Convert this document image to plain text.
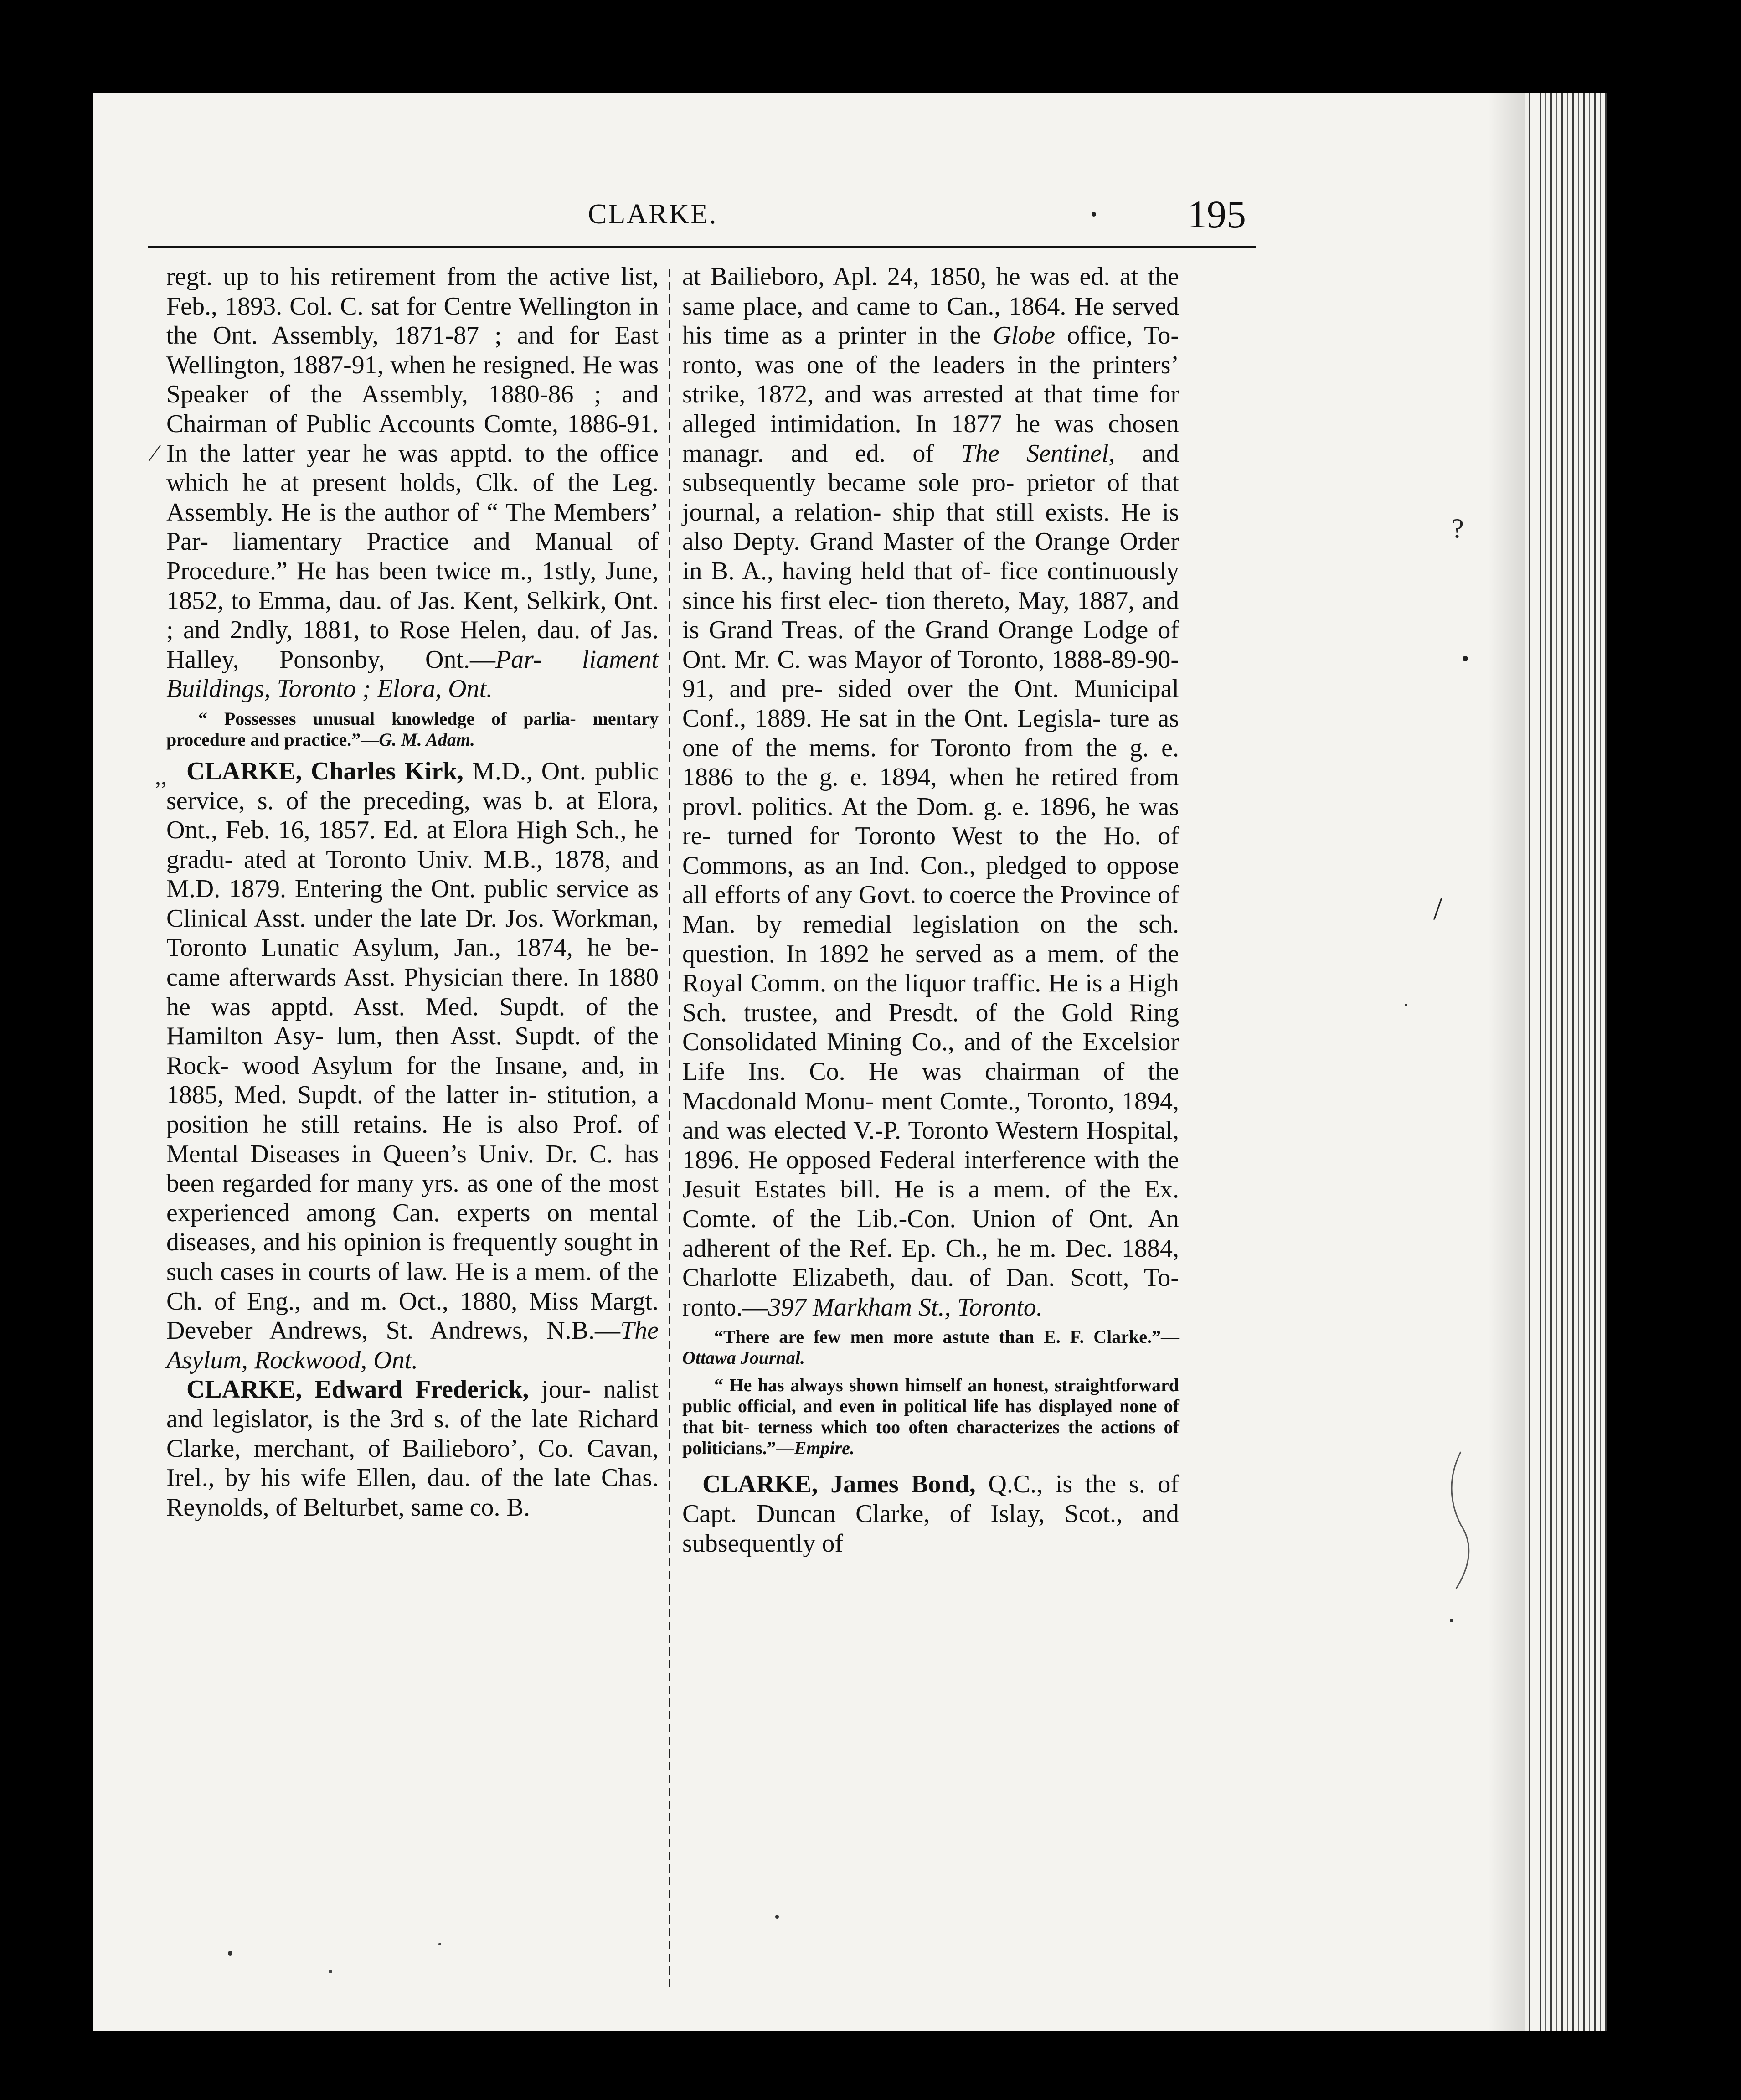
CLARKE.	195
⁄
,,
?
/

regt. up to his retirement from the active list, Feb., 1893. Col. C. sat for Centre Wellington in the Ont. Assembly, 1871-87 ; and for East Wellington, 1887-91, when he resigned. He was Speaker of the Assembly, 1880-86 ; and Chairman of Public Accounts Comte, 1886-91. In the latter year he was apptd. to the office which he at present holds, Clk. of the Leg. Assembly. He is the author of “ The Members’ Par- liamentary Practice and Manual of Procedure.” He has been twice m., 1stly, June, 1852, to Emma, dau. of Jas. Kent, Selkirk, Ont. ; and 2ndly, 1881, to Rose Helen, dau. of Jas. Halley, Ponsonby, Ont.—Par- liament Buildings, Toronto ; Elora, Ont.

“ Possesses unusual knowledge of parlia- mentary procedure and practice.”—G. M. Adam.

CLARKE, Charles Kirk, M.D., Ont. public service, s. of the preceding, was b. at Elora, Ont., Feb. 16, 1857. Ed. at Elora High Sch., he gradu- ated at Toronto Univ. M.B., 1878, and M.D. 1879. Entering the Ont. public service as Clinical Asst. under the late Dr. Jos. Workman, Toronto Lunatic Asylum, Jan., 1874, he be- came afterwards Asst. Physician there. In 1880 he was apptd. Asst. Med. Supdt. of the Hamilton Asy- lum, then Asst. Supdt. of the Rock- wood Asylum for the Insane, and, in 1885, Med. Supdt. of the latter in- stitution, a position he still retains. He is also Prof. of Mental Diseases in Queen’s Univ. Dr. C. has been regarded for many yrs. as one of the most experienced among Can. experts on mental diseases, and his opinion is frequently sought in such cases in courts of law. He is a mem. of the Ch. of Eng., and m. Oct., 1880, Miss Margt. Deveber Andrews, St. Andrews, N.B.—The Asylum, Rockwood, Ont.

CLARKE, Edward Frederick, jour- nalist and legislator, is the 3rd s. of the late Richard Clarke, merchant, of Bailieboro’, Co. Cavan, Irel., by his wife Ellen, dau. of the late Chas. Reynolds, of Belturbet, same co. B.

at Bailieboro, Apl. 24, 1850, he was ed. at the same place, and came to Can., 1864. He served his time as a printer in the Globe office, To- ronto, was one of the leaders in the printers’ strike, 1872, and was arrested at that time for alleged intimidation. In 1877 he was chosen managr. and ed. of The Sentinel, and subsequently became sole pro- prietor of that journal, a relation- ship that still exists. He is also Depty. Grand Master of the Orange Order in B. A., having held that of- fice continuously since his first elec- tion thereto, May, 1887, and is Grand Treas. of the Grand Orange Lodge of Ont. Mr. C. was Mayor of Toronto, 1888-89-90-91, and pre- sided over the Ont. Municipal Conf., 1889. He sat in the Ont. Legisla- ture as one of the mems. for Toronto from the g. e. 1886 to the g. e. 1894, when he retired from provl. politics. At the Dom. g. e. 1896, he was re- turned for Toronto West to the Ho. of Commons, as an Ind. Con., pledged to oppose all efforts of any Govt. to coerce the Province of Man. by remedial legislation on the sch. question. In 1892 he served as a mem. of the Royal Comm. on the liquor traffic. He is a High Sch. trustee, and Presdt. of the Gold Ring Consolidated Mining Co., and of the Excelsior Life Ins. Co. He was chairman of the Macdonald Monu- ment Comte., Toronto, 1894, and was elected V.-P. Toronto Western Hospital, 1896. He opposed Federal interference with the Jesuit Estates bill. He is a mem. of the Ex. Comte. of the Lib.-Con. Union of Ont. An adherent of the Ref. Ep. Ch., he m. Dec. 1884, Charlotte Elizabeth, dau. of Dan. Scott, To- ronto.—397 Markham St., Toronto.

“There are few men more astute than E. F. Clarke.”—Ottawa Journal.

“ He has always shown himself an honest, straightforward public official, and even in political life has displayed none of that bit- terness which too often characterizes the actions of politicians.”—Empire.

CLARKE, James Bond, Q.C., is the s. of Capt. Duncan Clarke, of Islay, Scot., and subsequently of
